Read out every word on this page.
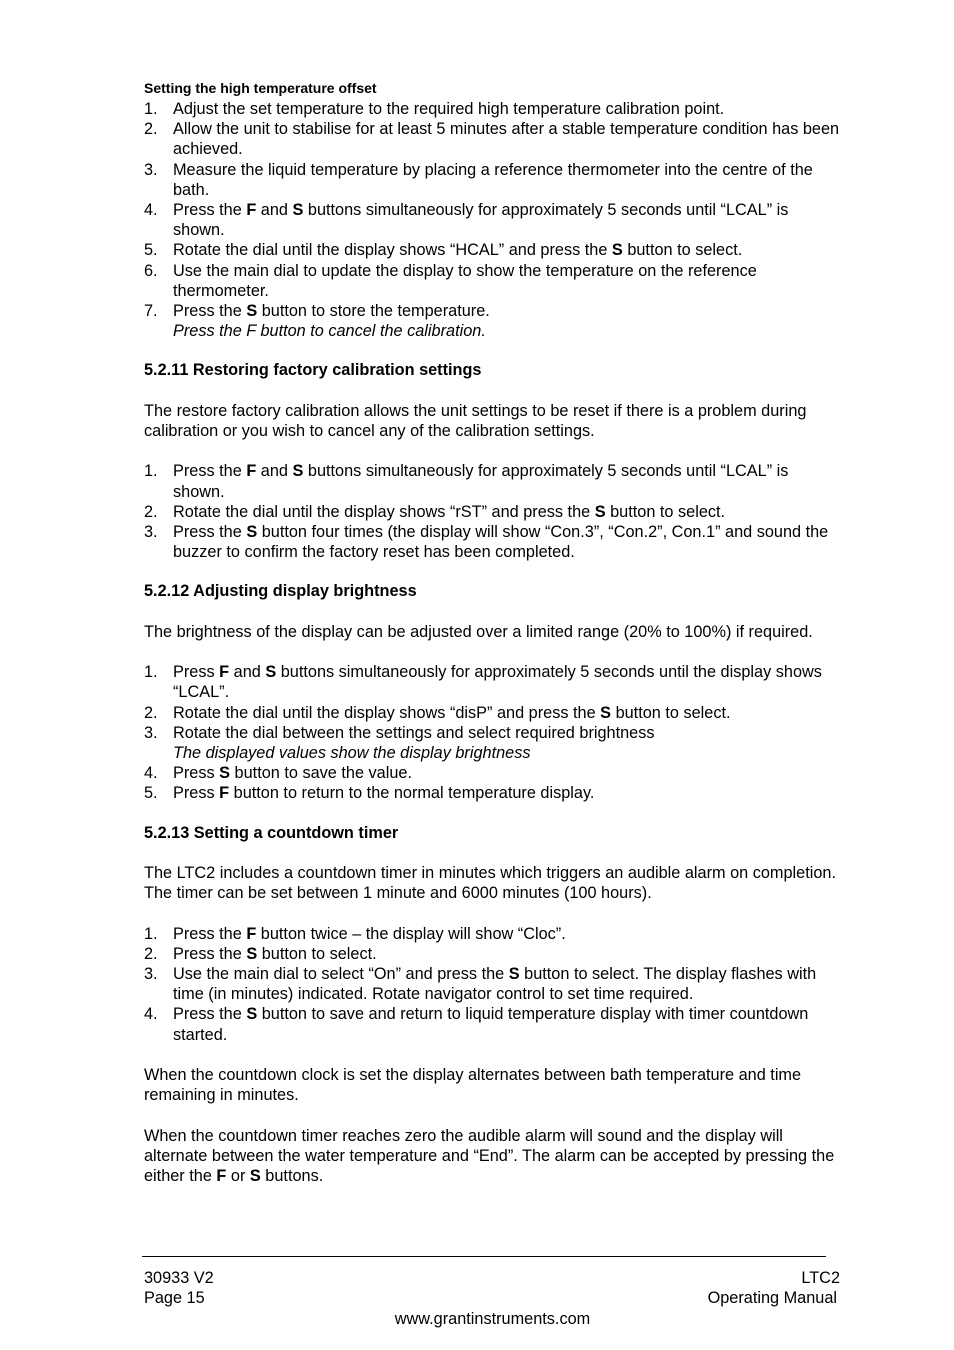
Setting the high temperature offset
1. Adjust the set temperature to the required high temperature calibration point.
2. Allow the unit to stabilise for at least 5 minutes after a stable temperature condition has been achieved.
3. Measure the liquid temperature by placing a reference thermometer into the centre of the bath.
4. Press the F and S buttons simultaneously for approximately 5 seconds until “LCAL” is shown.
5. Rotate the dial until the display shows “HCAL” and press the S button to select.
6. Use the main dial to update the display to show the temperature on the reference thermometer.
7. Press the S button to store the temperature.
Press the F button to cancel the calibration.
5.2.11 Restoring factory calibration settings

The restore factory calibration allows the unit settings to be reset if there is a problem during calibration or you wish to cancel any of the calibration settings.

1. Press the F and S buttons simultaneously for approximately 5 seconds until “LCAL” is shown.
2. Rotate the dial until the display shows “rST” and press the S button to select.
3. Press the S button four times (the display will show “Con.3”, “Con.2”, Con.1” and sound the buzzer to confirm the factory reset has been completed.
5.2.12 Adjusting display brightness

The brightness of the display can be adjusted over a limited range (20% to 100%) if required.

1. Press F and S buttons simultaneously for approximately 5 seconds until the display shows “LCAL”.
2. Rotate the dial until the display shows “disP” and press the S button to select.
3. Rotate the dial between the settings and select required brightness
The displayed values show the display brightness
4. Press S button to save the value.
5. Press F button to return to the normal temperature display.
5.2.13 Setting a countdown timer

The LTC2 includes a countdown timer in minutes which triggers an audible alarm on completion. The timer can be set between 1 minute and 6000 minutes (100 hours).

1. Press the F button twice – the display will show “Cloc”.
2. Press the S button to select.
3. Use the main dial to select “On” and press the S button to select. The display flashes with time (in minutes) indicated. Rotate navigator control to set time required.
4. Press the S button to save and return to liquid temperature display with timer countdown started.

When the countdown clock is set the display alternates between bath temperature and time remaining in minutes.

When the countdown timer reaches zero the audible alarm will sound and the display will alternate between the water temperature and “End”. The alarm can be accepted by pressing the either the F or S buttons.

30933 V2
Page 15
LTC2
Operating Manual
www.grantinstruments.com
